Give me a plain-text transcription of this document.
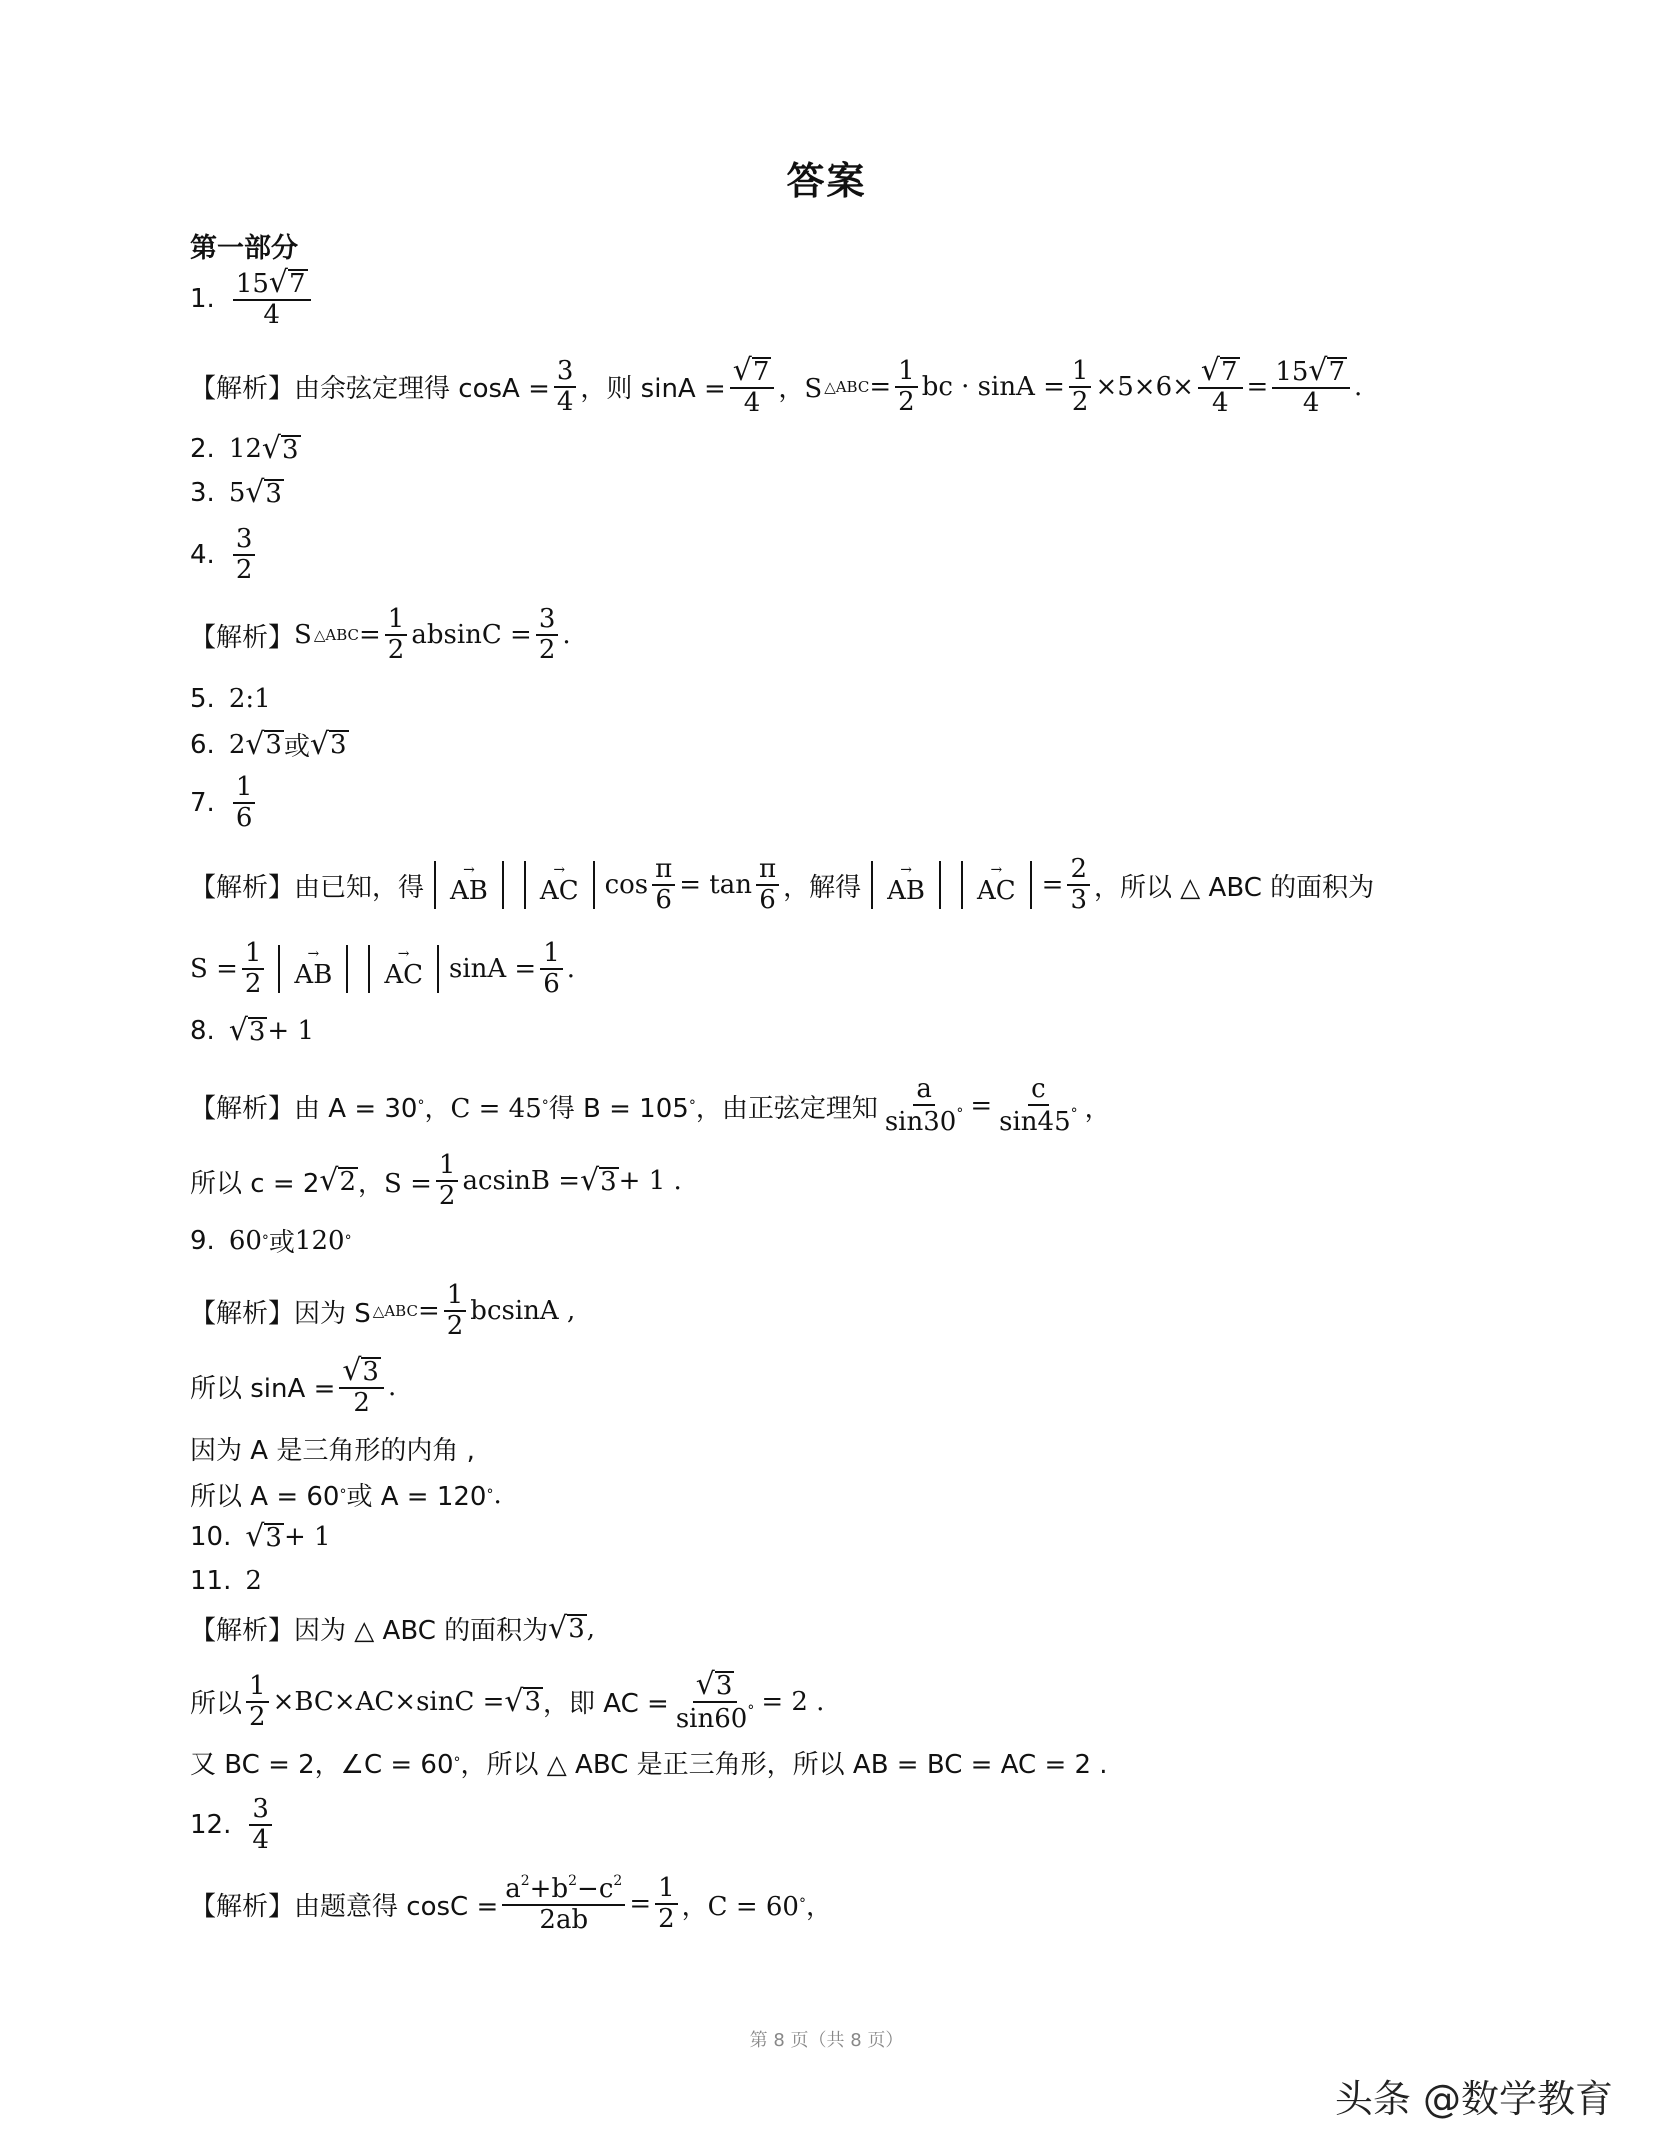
答案
第一部分
1. $\frac{15 √ 7}{4}$
【解析】 由余弦定理得 $\cos A = \frac{3}{4}$ ，则 $\sin A = \frac{√ 7}{4}$ ，S △ABC = $\frac{1}{2}$ bc · $\sin A = \frac{1}{2} \times 5\times 6\times \frac{√ 7}{4} = \frac{15 √ 7}{4}$ .
2. 12 √ 3
3. 5 √ 3
4. $\frac{3}{2}$
【解析】 S △ABC = $\frac{1}{2}$ $absinC = \frac{3}{2}$ .
5. 2:1
6. 2 √ 3 或 √ 3
7. $\frac{1}{6}$
【解析】 由已知，得
→
AB
→
AC $\cos \frac{\pi}{6} = \tan \frac{\pi}{6}$ ，解得
→
AB
→
AC = $\frac{2}{3}$ ，所以 △ ABC 的面积为
$S = \frac{1}{2}$	→
AB
→
AC $\sin A = \frac{1}{6}$ .
8. √ 3 + 1
【解析】 由 A = 30 ° ，C = 45 ° 得 B = 105 ° ，由正弦定理知 $\frac{a}{\sin 30^\circ} = \frac{c}{\sin 45^\circ}$ ，
所以 c = 2 √ 2 ，$S = \frac{1}{2}$ acsinB = √ 3 + 1 .
9. 60 ° 或 120 °
【解析】 因为 S △ABC = $\frac{1}{2}$ bcsinA ,
所以 $\sin A = \frac{√ 3}{2}$ .
因为 A 是三角形的内角 ,
所以 A = 60 ° 或 A = 120 ° .
10. √ 3 + 1
11. 2
【解析】 因为 △ ABC 的面积为 √ 3 ,
所以 $\frac{1}{2} \times BC\times AC\times\sin C$ = √ 3 ，即 AC = $\frac{√ 3}{\sin 60^\circ} = 2$ .
又 BC = 2，∠C = 60 ° ，所以 △ ABC 是正三角形，所以 AB = BC = AC = 2 .
12. $\frac{3}{4}$
【解析】 由题意得 $\cos C = \frac{a^2+b^2-c^2}{2ab} = \frac{1}{2}$ ，C = 60 ° ，
第 8 页（共 8 页）
头条 @数学教育
